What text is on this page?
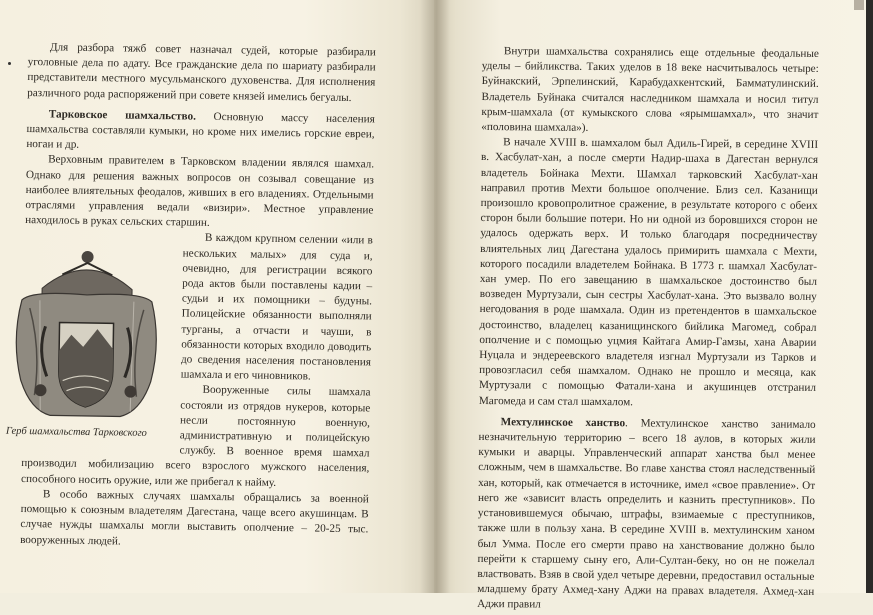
Для разбора тяжб совет назначал судей, которые разбирали уголовные дела по адату. Все гражданские дела по шариату разбирали представители местного мусульманского духовенства. Для исполнения различного рода распоряжений при совете князей имелись бегуалы.

Тарковское шамхальство. Основную массу населения шамхальства составляли кумыки, но кроме них имелись горские евреи, ногаи и др.

Верховным правителем в Тарковском владении являлся шамхал. Однако для решения важных вопросов он созывал совещание из наиболее влиятельных феодалов, живших в его владениях. Отдельными отраслями управления ведали «визири». Местное управление находилось в руках сельских старшин.

Герб шамхальства Тарковского

В каждом крупном селении «или в нескольких малых» для суда и, очевидно, для регистрации всякого рода актов были поставлены кадии – судьи и их помощники – будуны. Полицейские обязанности выполняли турганы, а отчасти и чауши, в обязанности которых входило доводить до сведения населения постановления шамхала и его чиновников.

Вооруженные силы шамхала состояли из отрядов нукеров, которые несли постоянную военную, административную и полицейскую службу. В военное время шамхал производил мобилизацию всего взрослого мужского населения, способного носить оружие, или же прибегал к найму.

В особо важных случаях шамхалы обращались за военной помощью к союзным владетелям Дагестана, чаще всего акушинцам. В случае нужды шамхалы могли выставить ополчение – 20-25 тыс. вооруженных людей.

Внутри шамхальства сохранялись еще отдельные феодальные уделы – бийликства. Таких уделов в 18 веке насчитывалось четыре: Буйнакский, Эрпелинский, Карабудахкентский, Бамматулинский. Владетель Буйнака считался наследником шамхала и носил титул крым-шамхала (от кумыкского слова «ярымшамхал», что значит «половина шамхала»).

В начале XVIII в. шамхалом был Адиль-Гирей, в середине XVIII в. Хасбулат-хан, а после смерти Надир-шаха в Дагестан вернулся владетель Бойнака Мехти. Шамхал тарковский Хасбулат-хан направил против Мехти большое ополчение. Близ сел. Казанищи произошло кровопролитное сражение, в результате которого с обеих сторон были большие потери. Но ни одной из боровшихся сторон не удалось одержать верх. И только благодаря посредничеству влиятельных лиц Дагестана удалось примирить шамхала с Мехти, которого посадили владетелем Бойнака. В 1773 г. шамхал Хасбулат-хан умер. По его завещанию в шамхальское достоинство был возведен Муртузали, сын сестры Хасбулат-хана. Это вызвало волну негодования в роде шамхала. Один из претендентов в шамхальское достоинство, владелец казанищинского бийлика Магомед, собрал ополчение и с помощью уцмия Кайтага Амир-Гамзы, хана Аварии Нуцала и эндереевского владетеля изгнал Муртузали из Тарков и провозгласил себя шамхалом. Однако не прошло и месяца, как Муртузали с помощью Фатали-хана и акушинцев отстранил Магомеда и сам стал шамхалом.

Мехтулинское ханство. Мехтулинское ханство занимало незначительную территорию – всего 18 аулов, в которых жили кумыки и аварцы. Управленческий аппарат ханства был менее сложным, чем в шамхальстве. Во главе ханства стоял наследственный хан, который, как отмечается в источнике, имел «свое правление». От него же «зависит власть определить и казнить преступников». По установившемуся обычаю, штрафы, взимаемые с преступников, также шли в пользу хана. В середине XVIII в. мехтулинским ханом был Умма. После его смерти право на ханствование должно было перейти к старшему сыну его, Али-Султан-беку, но он не пожелал властвовать. Взяв в свой удел четыре деревни, предоставил остальные младшему брату Ахмед-хану Аджи на правах владетеля. Ахмед-хан Аджи правил
